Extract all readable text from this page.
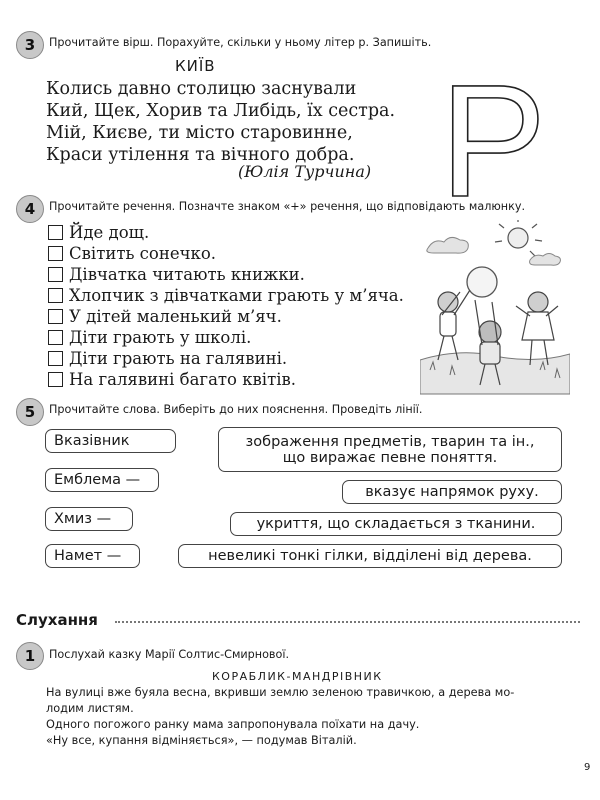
3	Прочитайте вірш. Порахуйте, скільки у ньому літер р. Запишіть.
КИЇВ
Колись давно столицю заснували
Кий, Щек, Хорив та Либідь, їх сестра.
Мій, Києве, ти місто старовинне,
Краси утілення та вічного добра.
(Юлія Турчина) Р
4	Прочитайте речення. Позначте знаком «+» речення, що відповідають малюнку.
Йде дощ.
Світить сонечко.
Дівчатка читають книжки.
Хлопчик з дівчатками грають у м’яча.
У дітей маленький м’яч.
Діти грають у школі.
Діти грають на галявині.
На галявині багато квітів.
5	Прочитайте слова. Виберіть до них пояснення. Проведіть лінії.
Вказівник
Емблема —
Хмиз —
Намет —
зображення предметів, тварин та ін.,
що виражає певне поняття.
вказує напрямок руху.
укриття, що складається з тканини.
невеликі тонкі гілки, відділені від дерева.
Слухання
1	Послухай казку Марії Солтис-Смирнової.
КОРАБЛИК-МАНДРІВНИК
На вулиці вже буяла весна, вкривши землю зеленою травичкою, а дерева мо-
лодим листям.
Одного погожого ранку мама запропонувала поїхати на дачу.
«Ну все, купання відміняється», — подумав Віталій.
9
